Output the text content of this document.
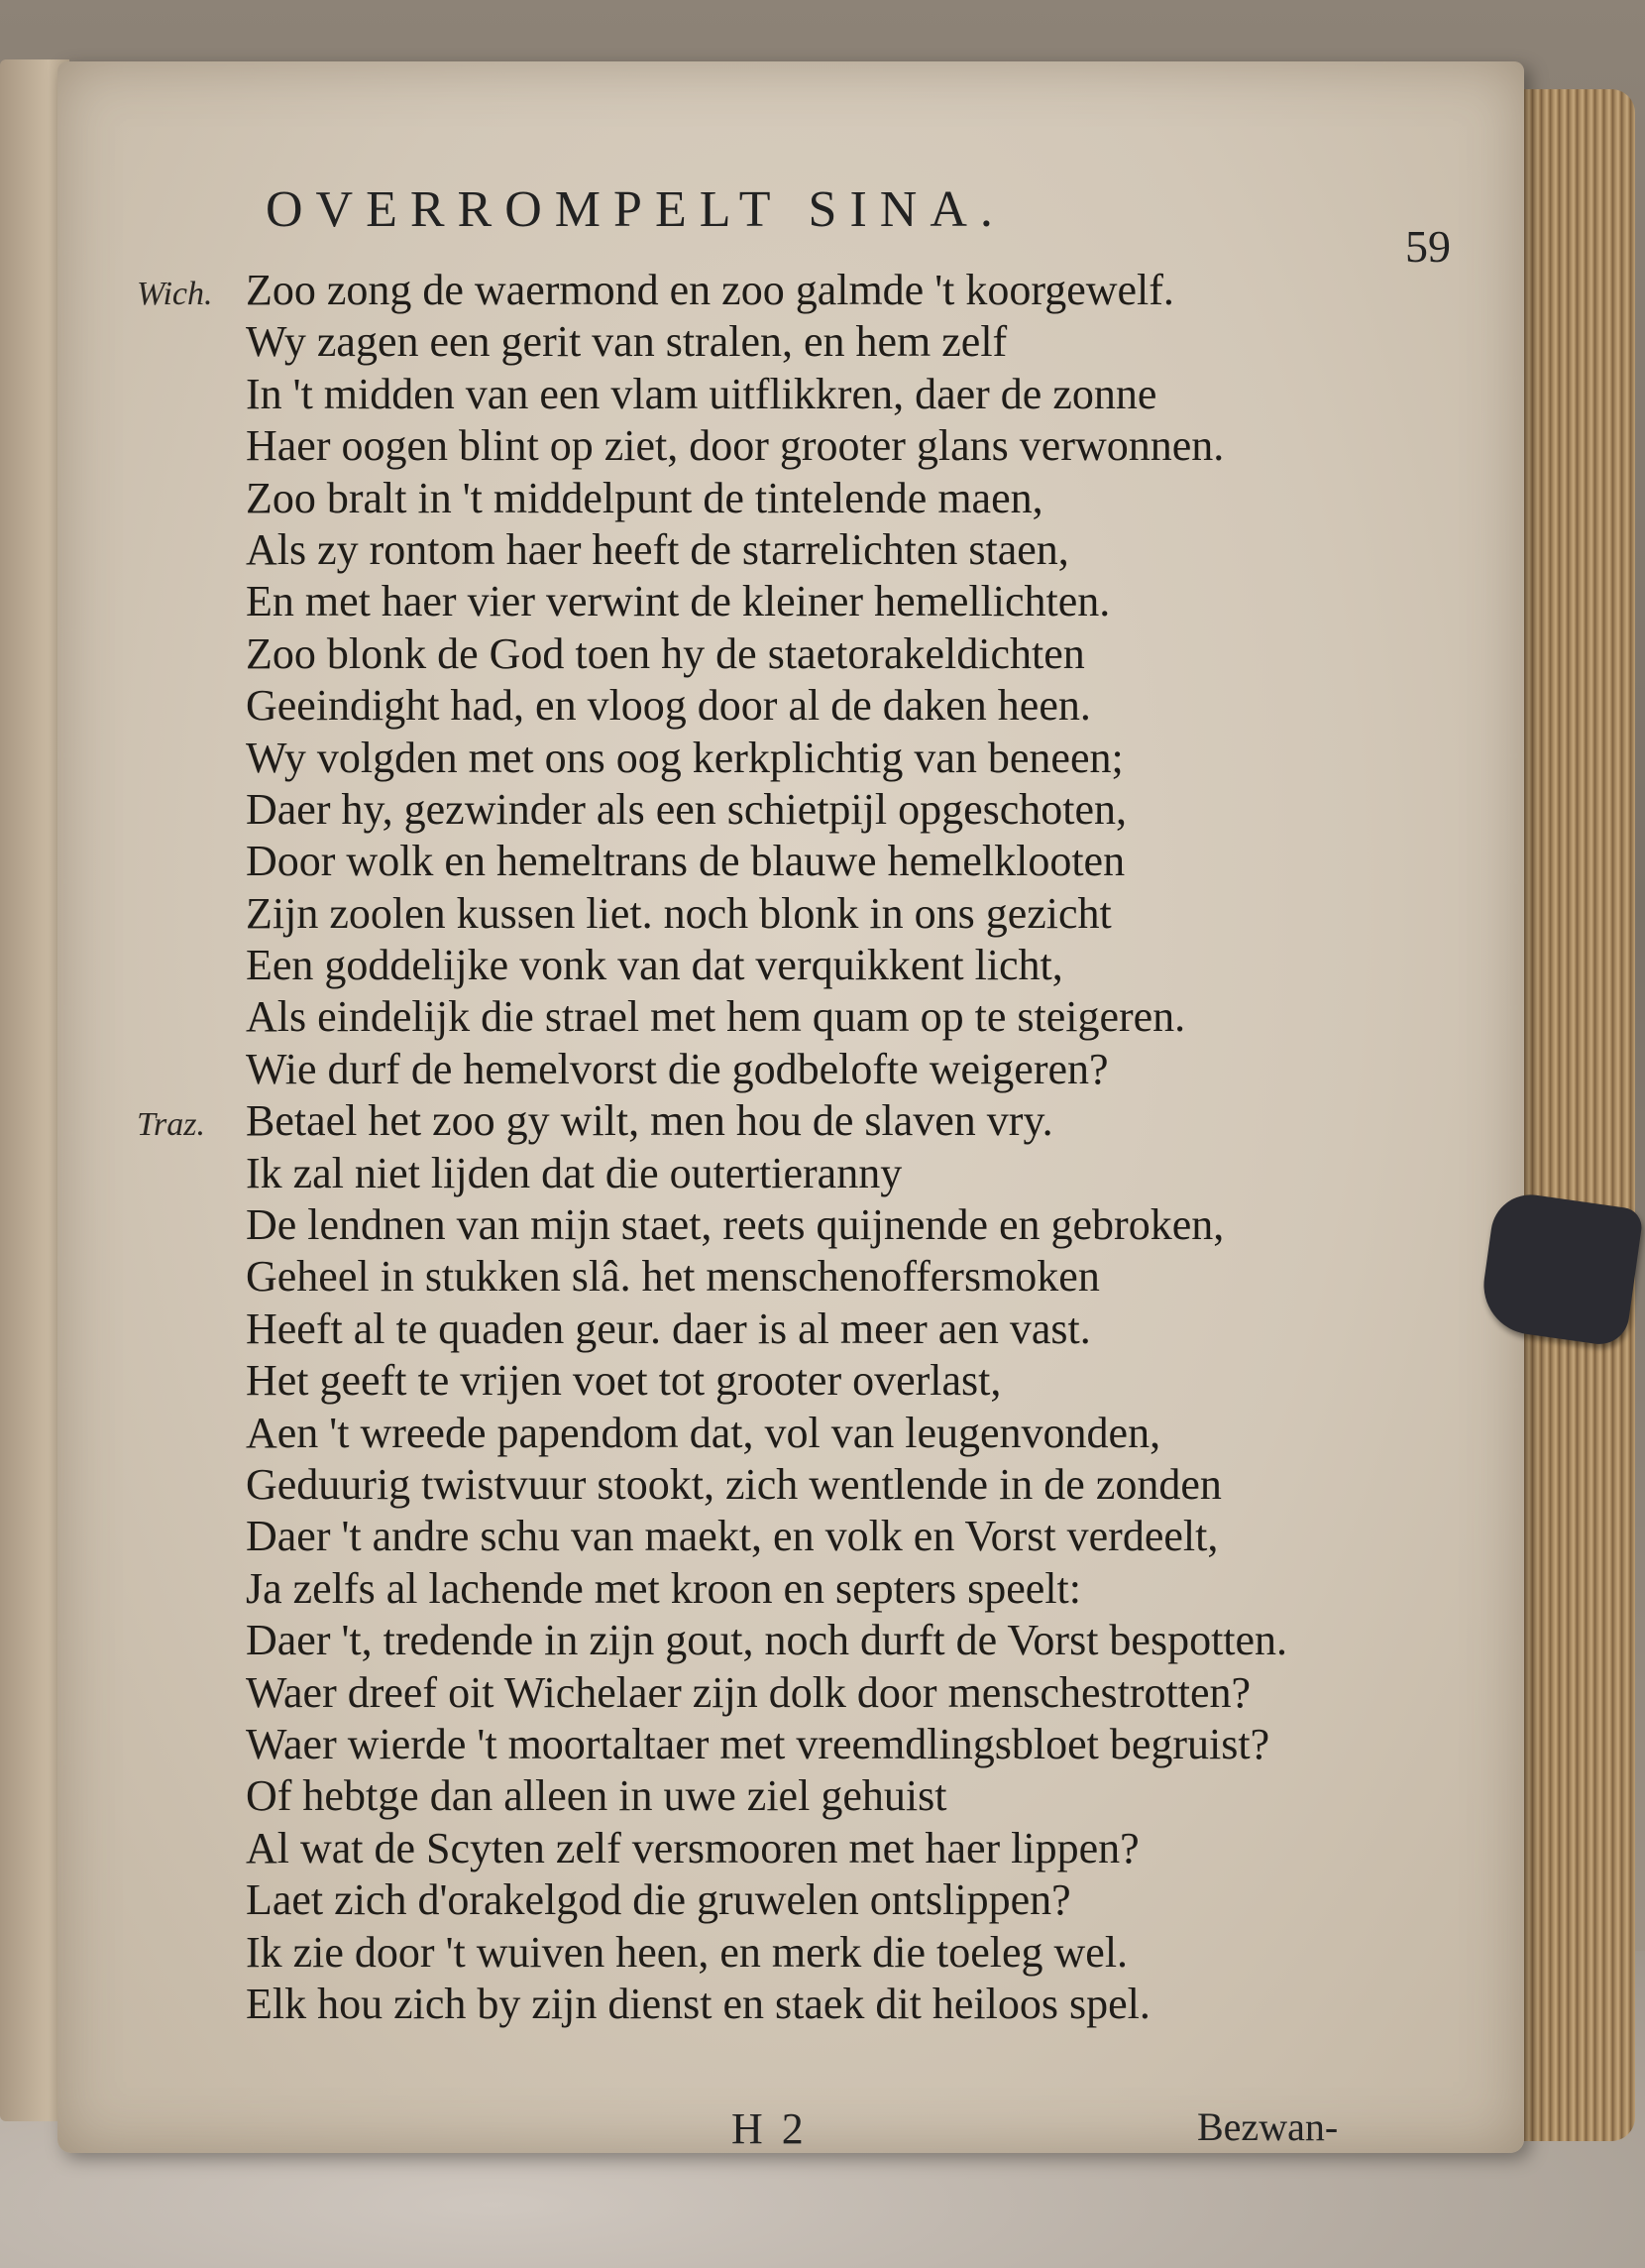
OVERROMPELT SINA.
59
Wich. Zoo zong de waermond en zoo galmde 't koorgewelf.
Wy zagen een gerit van stralen, en hem zelf
In 't midden van een vlam uitflikkren, daer de zonne
Haer oogen blint op ziet, door grooter glans verwonnen.
Zoo bralt in 't middelpunt de tintelende maen,
Als zy rontom haer heeft de starrelichten staen,
En met haer vier verwint de kleiner hemellichten.
Zoo blonk de God toen hy de staetorakeldichten
Geeindight had, en vloog door al de daken heen.
Wy volgden met ons oog kerkplichtig van beneen;
Daer hy, gezwinder als een schietpijl opgeschoten,
Door wolk en hemeltrans de blauwe hemelklooten
Zijn zoolen kussen liet. noch blonk in ons gezicht
Een goddelijke vonk van dat verquikkent licht,
Als eindelijk die strael met hem quam op te steigeren.
Wie durf de hemelvorst die godbelofte weigeren?
Traz. Betael het zoo gy wilt, men hou de slaven vry.
Ik zal niet lijden dat die outertieranny
De lendnen van mijn staet, reets quijnende en gebroken,
Geheel in stukken slâ. het menschenoffersmoken
Heeft al te quaden geur. daer is al meer aen vast.
Het geeft te vrijen voet tot grooter overlast,
Aen 't wreede papendom dat, vol van leugenvonden,
Geduurig twistvuur stookt, zich wentlende in de zonden
Daer 't andre schu van maekt, en volk en Vorst verdeelt,
Ja zelfs al lachende met kroon en septers speelt:
Daer 't, tredende in zijn gout, noch durft de Vorst bespotten.
Waer dreef oit Wichelaer zijn dolk door menschestrotten?
Waer wierde 't moortaltaer met vreemdlingsbloet begruist?
Of hebtge dan alleen in uwe ziel gehuist
Al wat de Scyten zelf versmooren met haer lippen?
Laet zich d'orakelgod die gruwelen ontslippen?
Ik zie door 't wuiven heen, en merk die toeleg wel.
Elk hou zich by zijn dienst en staek dit heiloos spel.
H 2	Bezwan-
